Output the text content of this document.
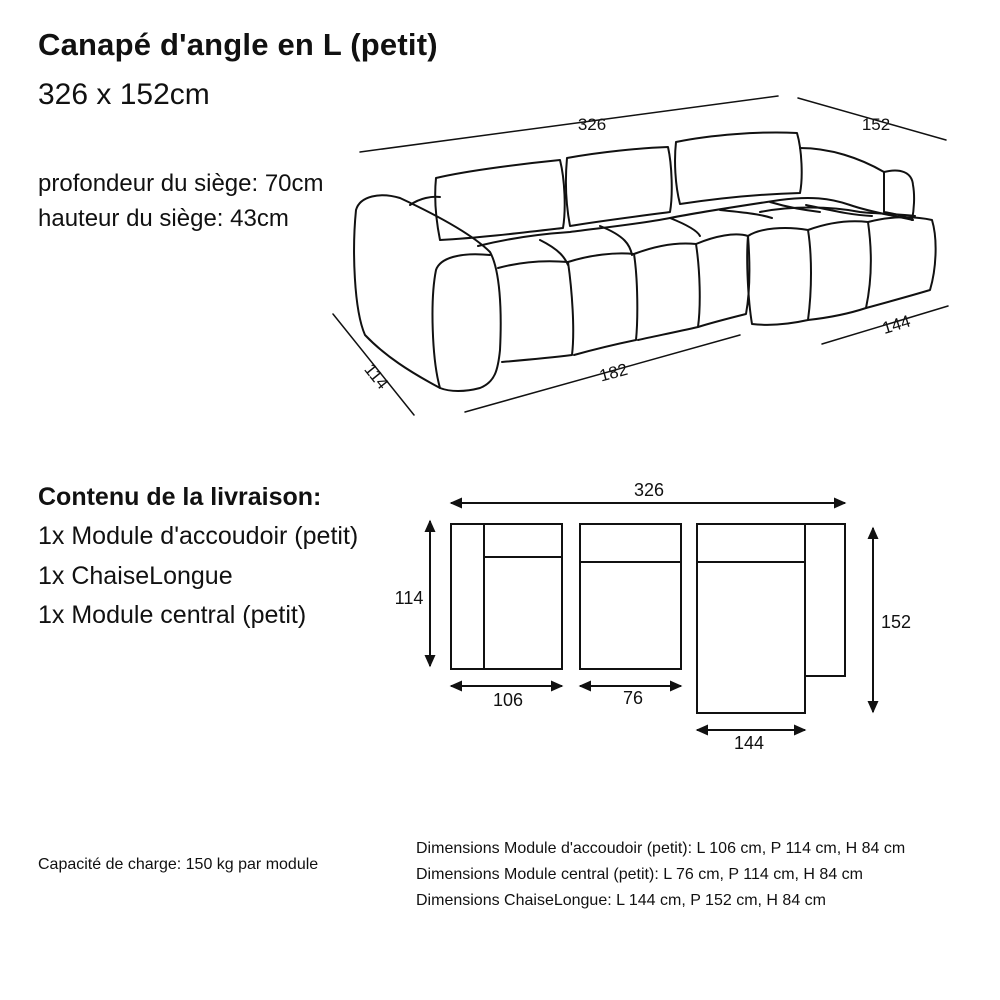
Canapé d'angle en L (petit)
326 x 152cm
profondeur du siège: 70cm
hauteur du siège: 43cm
326	152
144
114	182
326
114
106	76
144
152
Contenu de la livraison:
1x Module d'accoudoir (petit)
1x ChaiseLongue
1x Module central (petit)
Capacité de charge: 150 kg par module
Dimensions Module d'accoudoir (petit): L 106 cm, P 114 cm, H 84 cm
Dimensions Module central (petit): L 76 cm, P 114 cm, H 84 cm
Dimensions ChaiseLongue: L 144 cm, P 152 cm, H 84 cm
